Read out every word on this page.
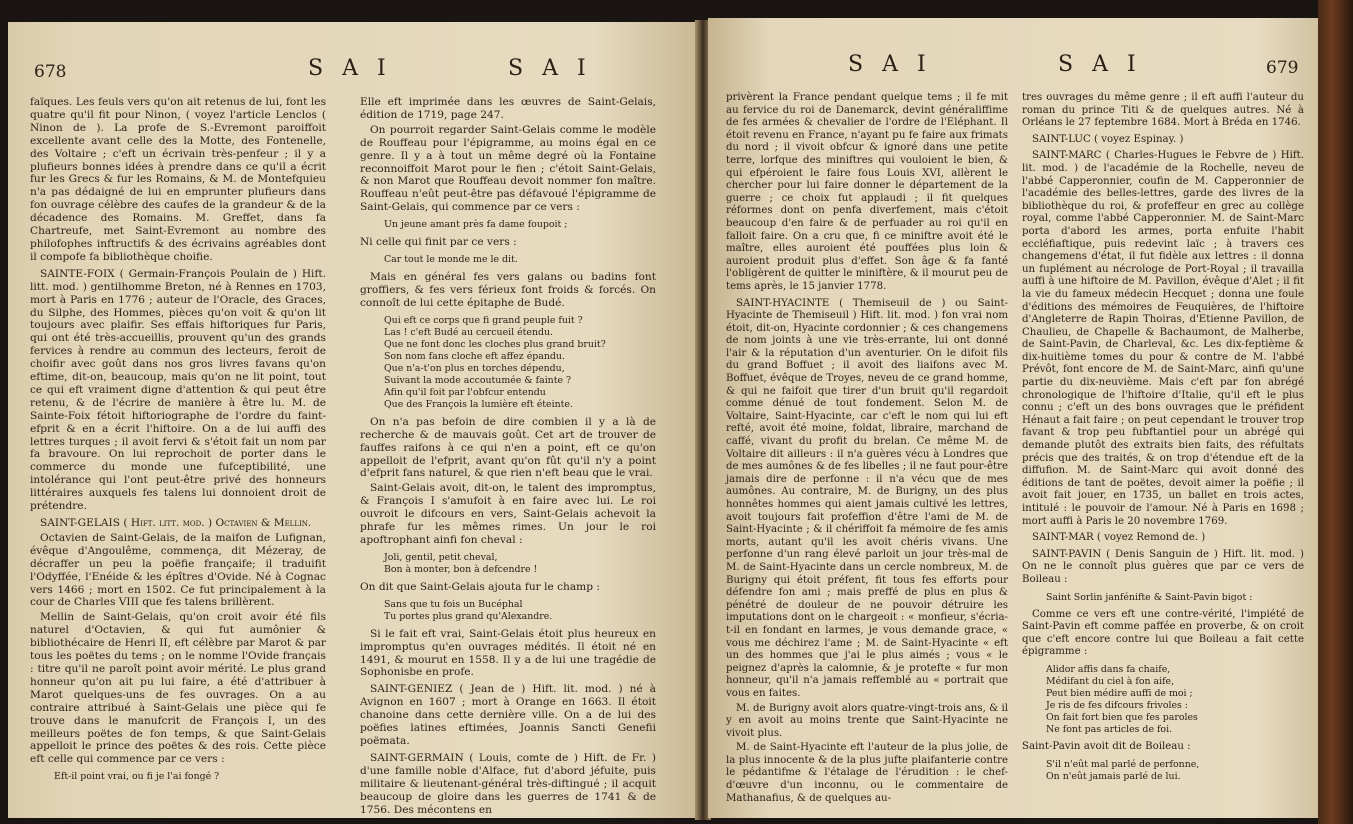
678	S A I	S A I

faïques. Les feuls vers qu'on ait retenus de lui, font les quatre qu'il fit pour Ninon, ( voyez l'article Lenclos ( Ninon de ). La profe de S.-Evremont paroiffoit excellente avant celle des la Motte, des Fontenelle, des Voltaire ; c'eft un écrivain très-penfeur ; il y a plufieurs bonnes idées à prendre dans ce qu'il a écrit fur les Grecs & fur les Romains, & M. de Montefquieu n'a pas dédaigné de lui en emprunter plufieurs dans fon ouvrage célèbre des caufes de la grandeur & de la décadence des Romains. M. Greffet, dans fa Chartreufe, met Saint-Evremont au nombre des philofophes inftructifs & des écrivains agréables dont il compofe fa bibliothèque choifie.

SAINTE-FOIX ( Germain-François Poulain de ) Hift. litt. mod. ) gentilhomme Breton, né à Rennes en 1703, mort à Paris en 1776 ; auteur de l'Oracle, des Graces, du Silphe, des Hommes, pièces qu'on voit & qu'on lit toujours avec plaifir. Ses effais hiftoriques fur Paris, qui ont été très-accueillis, prouvent qu'un des grands fervices à rendre au commun des lecteurs, feroit de choifir avec goût dans nos gros livres favans qu'on eftime, dit-on, beaucoup, mais qu'on ne lit point, tout ce qui eft vraiment digne d'attention & qui peut être retenu, & de l'écrire de manière à être lu. M. de Sainte-Foix fétoit hiftoriographe de l'ordre du faint-efprit & en a écrit l'hiftoire. On a de lui auffi des lettres turques ; il avoit fervi & s'étoit fait un nom par fa bravoure. On lui reprochoit de porter dans le commerce du monde une fufceptibilité, une intolérance qui l'ont peut-être privé des honneurs littéraires auxquels fes talens lui donnoient droit de prétendre.

SAINT-GELAIS ( Hift. litt. mod. ) Octavien & Mellin.

Octavien de Saint-Gelais, de la maifon de Lufignan, évêque d'Angoulême, commença, dit Mézeray, de décraffer un peu la poëfie françaife; il traduifit l'Odyffée, l'Enéide & les épîtres d'Ovide. Né à Cognac vers 1466 ; mort en 1502. Ce fut principalement à la cour de Charles VIII que fes talens brillèrent.

Mellin de Saint-Gelais, qu'on croit avoir été fils naturel d'Octavien, & qui fut aumônier & bibliothécaire de Henri II, eft célèbre par Marot & par tous les poëtes du tems ; on le nomme l'Ovide français : titre qu'il ne paroît point avoir mérité. Le plus grand honneur qu'on ait pu lui faire, a été d'attribuer à Marot quelques-uns de fes ouvrages. On a au contraire attribué à Saint-Gelais une pièce qui fe trouve dans le manufcrit de François I, un des meilleurs poëtes de fon temps, & que Saint-Gelais appelloit le prince des poëtes & des rois. Cette pièce eft celle qui commence par ce vers :

Eft-il point vrai, ou fi je l'ai fongé ?

Elle eft imprimée dans les œuvres de Saint-Gelais, édition de 1719, page 247.

On pourroit regarder Saint-Gelais comme le modèle de Rouffeau pour l'épigramme, au moins égal en ce genre. Il y a à tout un même degré où la Fontaine reconnoiffoit Marot pour le fien ; c'étoit Saint-Gelais, & non Marot que Rouffeau devoit nommer fon maître. Rouffeau n'eût peut-être pas défavoué l'épigramme de Saint-Gelais, qui commence par ce vers :

Un jeune amant près fa dame foupoit ;

Ni celle qui finit par ce vers :

Car tout le monde me le dit.

Mais en général fes vers galans ou badins font groffiers, & fes vers férieux font froids & forcés. On connoît de lui cette épitaphe de Budé.

Qui eft ce corps que fi grand peuple fuit ?
Las ! c'eft Budé au cercueil étendu.
Que ne font donc les cloches plus grand bruit?
Son nom fans cloche eft affez épandu.
Que n'a-t'on plus en torches dépendu,
Suivant la mode accoutumée & fainte ?
Afin qu'il foit par l'obfcur entendu
Que des François la lumière eft éteinte.

On n'a pas befoin de dire combien il y a là de recherche & de mauvais goût. Cet art de trouver de fauffes raifons à ce qui n'en a point, eft ce qu'on appelloit de l'efprit, avant qu'on fût qu'il n'y a point d'efprit fans naturel, & que rien n'eft beau que le vrai.

Saint-Gelais avoit, dit-on, le talent des impromptus, & François I s'amufoit à en faire avec lui. Le roi ouvroit le difcours en vers, Saint-Gelais achevoit la phrafe fur les mêmes rimes. Un jour le roi apoftrophant ainfi fon cheval :

Joli, gentil, petit cheval,
Bon à monter, bon à defcendre !

On dit que Saint-Gelais ajouta fur le champ :

Sans que tu fois un Bucéphal
Tu portes plus grand qu'Alexandre.

Si le fait eft vrai, Saint-Gelais étoit plus heureux en impromptus qu'en ouvrages médités. Il étoit né en 1491, & mourut en 1558. Il y a de lui une tragédie de Sophonisbe en profe.

SAINT-GENIEZ ( Jean de ) Hift. lit. mod. ) né à Avignon en 1607 ; mort à Orange en 1663. Il étoit chanoine dans cette dernière ville. On a de lui des poëfies latines eftimées, Joannis Sancti Genefii poëmata.

SAINT-GERMAIN ( Louis, comte de ) Hift. de Fr. ) d'une famille noble d'Alface, fut d'abord jéfuite, puis militaire & lieutenant-général très-diftingué ; il acquit beaucoup de gloire dans les guerres de 1741 & de 1756. Des mécontens en

S A I	S A I	679

privèrent la France pendant quelque tems ; il fe mit au fervice du roi de Danemarck, devint généraliffime de fes armées & chevalier de l'ordre de l'Eléphant. Il étoit revenu en France, n'ayant pu fe faire aux frimats du nord ; il vivoit obfcur & ignoré dans une petite terre, lorfque des miniftres qui vouloient le bien, & qui efpéroient le faire fous Louis XVI, allèrent le chercher pour lui faire donner le département de la guerre ; ce choix fut applaudi ; il fit quelques réformes dont on penfa diverfement, mais c'étoit beaucoup d'en faire & de perfuader au roi qu'il en falloit faire. On a cru que, fi ce miniftre avoit été le maître, elles auroient été pouffées plus loin & auroient produit plus d'effet. Son âge & fa fanté l'obligèrent de quitter le miniftère, & il mourut peu de tems après, le 15 janvier 1778.

SAINT-HYACINTE ( Themiseuil de ) ou Saint-Hyacinte de Themiseuil ) Hift. lit. mod. ) fon vrai nom étoit, dit-on, Hyacinte cordonnier ; & ces changemens de nom joints à une vie très-errante, lui ont donné l'air & la réputation d'un aventurier. On le difoit fils du grand Boffuet ; il avoit des liaifons avec M. Boffuet, évêque de Troyes, neveu de ce grand homme, & qui ne faifoit que tirer d'un bruit qu'il regardoit comme dénué de tout fondement. Selon M. de Voltaire, Saint-Hyacinte, car c'eft le nom qui lui eft refté, avoit été moine, foldat, libraire, marchand de caffé, vivant du profit du brelan. Ce même M. de Voltaire dit ailleurs : il n'a guères vécu à Londres que de mes aumônes & de fes libelles ; il ne faut pour-être jamais dire de perfonne : il n'a vécu que de mes aumônes. Au contraire, M. de Burigny, un des plus honnêtes hommes qui aient jamais cultivé les lettres, avoit toujours fait profeffion d'être l'ami de M. de Saint-Hyacinte ; & il chériffoit fa mémoire de fes amis morts, autant qu'il les avoit chéris vivans. Une perfonne d'un rang élevé parloit un jour très-mal de M. de Saint-Hyacinte dans un cercle nombreux, M. de Burigny qui étoit préfent, fit tous fes efforts pour défendre fon ami ; mais preffé de plus en plus & pénétré de douleur de ne pouvoir détruire les imputations dont on le chargeoit : « monfieur, s'écria-t-il en fondant en larmes, je vous demande grace, « vous me déchirez l'ame ; M. de Saint-Hyacinte « eft un des hommes que j'ai le plus aimés ; vous « le peignez d'après la calomnie, & je protefte « fur mon honneur, qu'il n'a jamais reffemblé au « portrait que vous en faites.

M. de Burigny avoit alors quatre-vingt-trois ans, & il y en avoit au moins trente que Saint-Hyacinte ne vivoit plus.

M. de Saint-Hyacinte eft l'auteur de la plus jolie, de la plus innocente & de la plus jufte plaifanterie contre le pédantifme & l'étalage de l'érudition : le chef-d'œuvre d'un inconnu, ou le commentaire de Mathanafius, & de quelques au-

tres ouvrages du même genre ; il eft auffi l'auteur du roman du prince Titi & de quelques autres. Né à Orléans le 27 feptembre 1684. Mort à Bréda en 1746.

SAINT-LUC ( voyez Espinay. )

SAINT-MARC ( Charles-Hugues le Febvre de ) Hift. lit. mod. ) de l'académie de la Rochelle, neveu de l'abbé Capperonnier, coufin de M. Capperonnier de l'académie des belles-lettres, garde des livres de la bibliothèque du roi, & profeffeur en grec au collège royal, comme l'abbé Capperonnier. M. de Saint-Marc porta d'abord les armes, porta enfuite l'habit eccléfiaftique, puis redevint laïc ; à travers ces changemens d'état, il fut fidèle aux lettres : il donna un fuplément au nécrologe de Port-Royal ; il travailla auffi à une hiftoire de M. Pavillon, évêque d'Alet ; il fit la vie du fameux médecin Hecquet ; donna une foule d'éditions des mémoires de Feuquières, de l'hiftoire d'Angleterre de Rapin Thoiras, d'Etienne Pavillon, de Chaulieu, de Chapelle & Bachaumont, de Malherbe, de Saint-Pavin, de Charleval, &c. Les dix-feptième & dix-huitième tomes du pour & contre de M. l'abbé Prévôt, font encore de M. de Saint-Marc, ainfi qu'une partie du dix-neuvième. Mais c'eft par fon abrégé chronologique de l'hiftoire d'Italie, qu'il eft le plus connu ; c'eft un des bons ouvrages que le préfident Hénaut a fait faire ; on peut cependant le trouver trop favant & trop peu fubftantiel pour un abrégé qui demande plutôt des extraits bien faits, des réfultats précis que des traités, & on trop d'étendue eft de la diffufion. M. de Saint-Marc qui avoit donné des éditions de tant de poëtes, devoit aimer la poëfie ; il avoit fait jouer, en 1735, un ballet en trois actes, intitulé : le pouvoir de l'amour. Né à Paris en 1698 ; mort auffi à Paris le 20 novembre 1769.

SAINT-MAR ( voyez Remond de. )

SAINT-PAVIN ( Denis Sanguin de ) Hift. lit. mod. ) On ne le connoît plus guères que par ce vers de Boileau :

Saint Sorlin janfénifte & Saint-Pavin bigot :

Comme ce vers eft une contre-vérité, l'impiété de Saint-Pavin eft comme paffée en proverbe, & on croit que c'eft encore contre lui que Boileau a fait cette épigramme :

Alidor affis dans fa chaife,
Médifant du ciel à fon aife,
Peut bien médire auffi de moi ;
Je ris de fes difcours frivoles :
On fait fort bien que fes paroles
Ne font pas articles de foi.

Saint-Pavin avoit dit de Boileau :

S'il n'eût mal parlé de perfonne,
On n'eût jamais parlé de lui.
